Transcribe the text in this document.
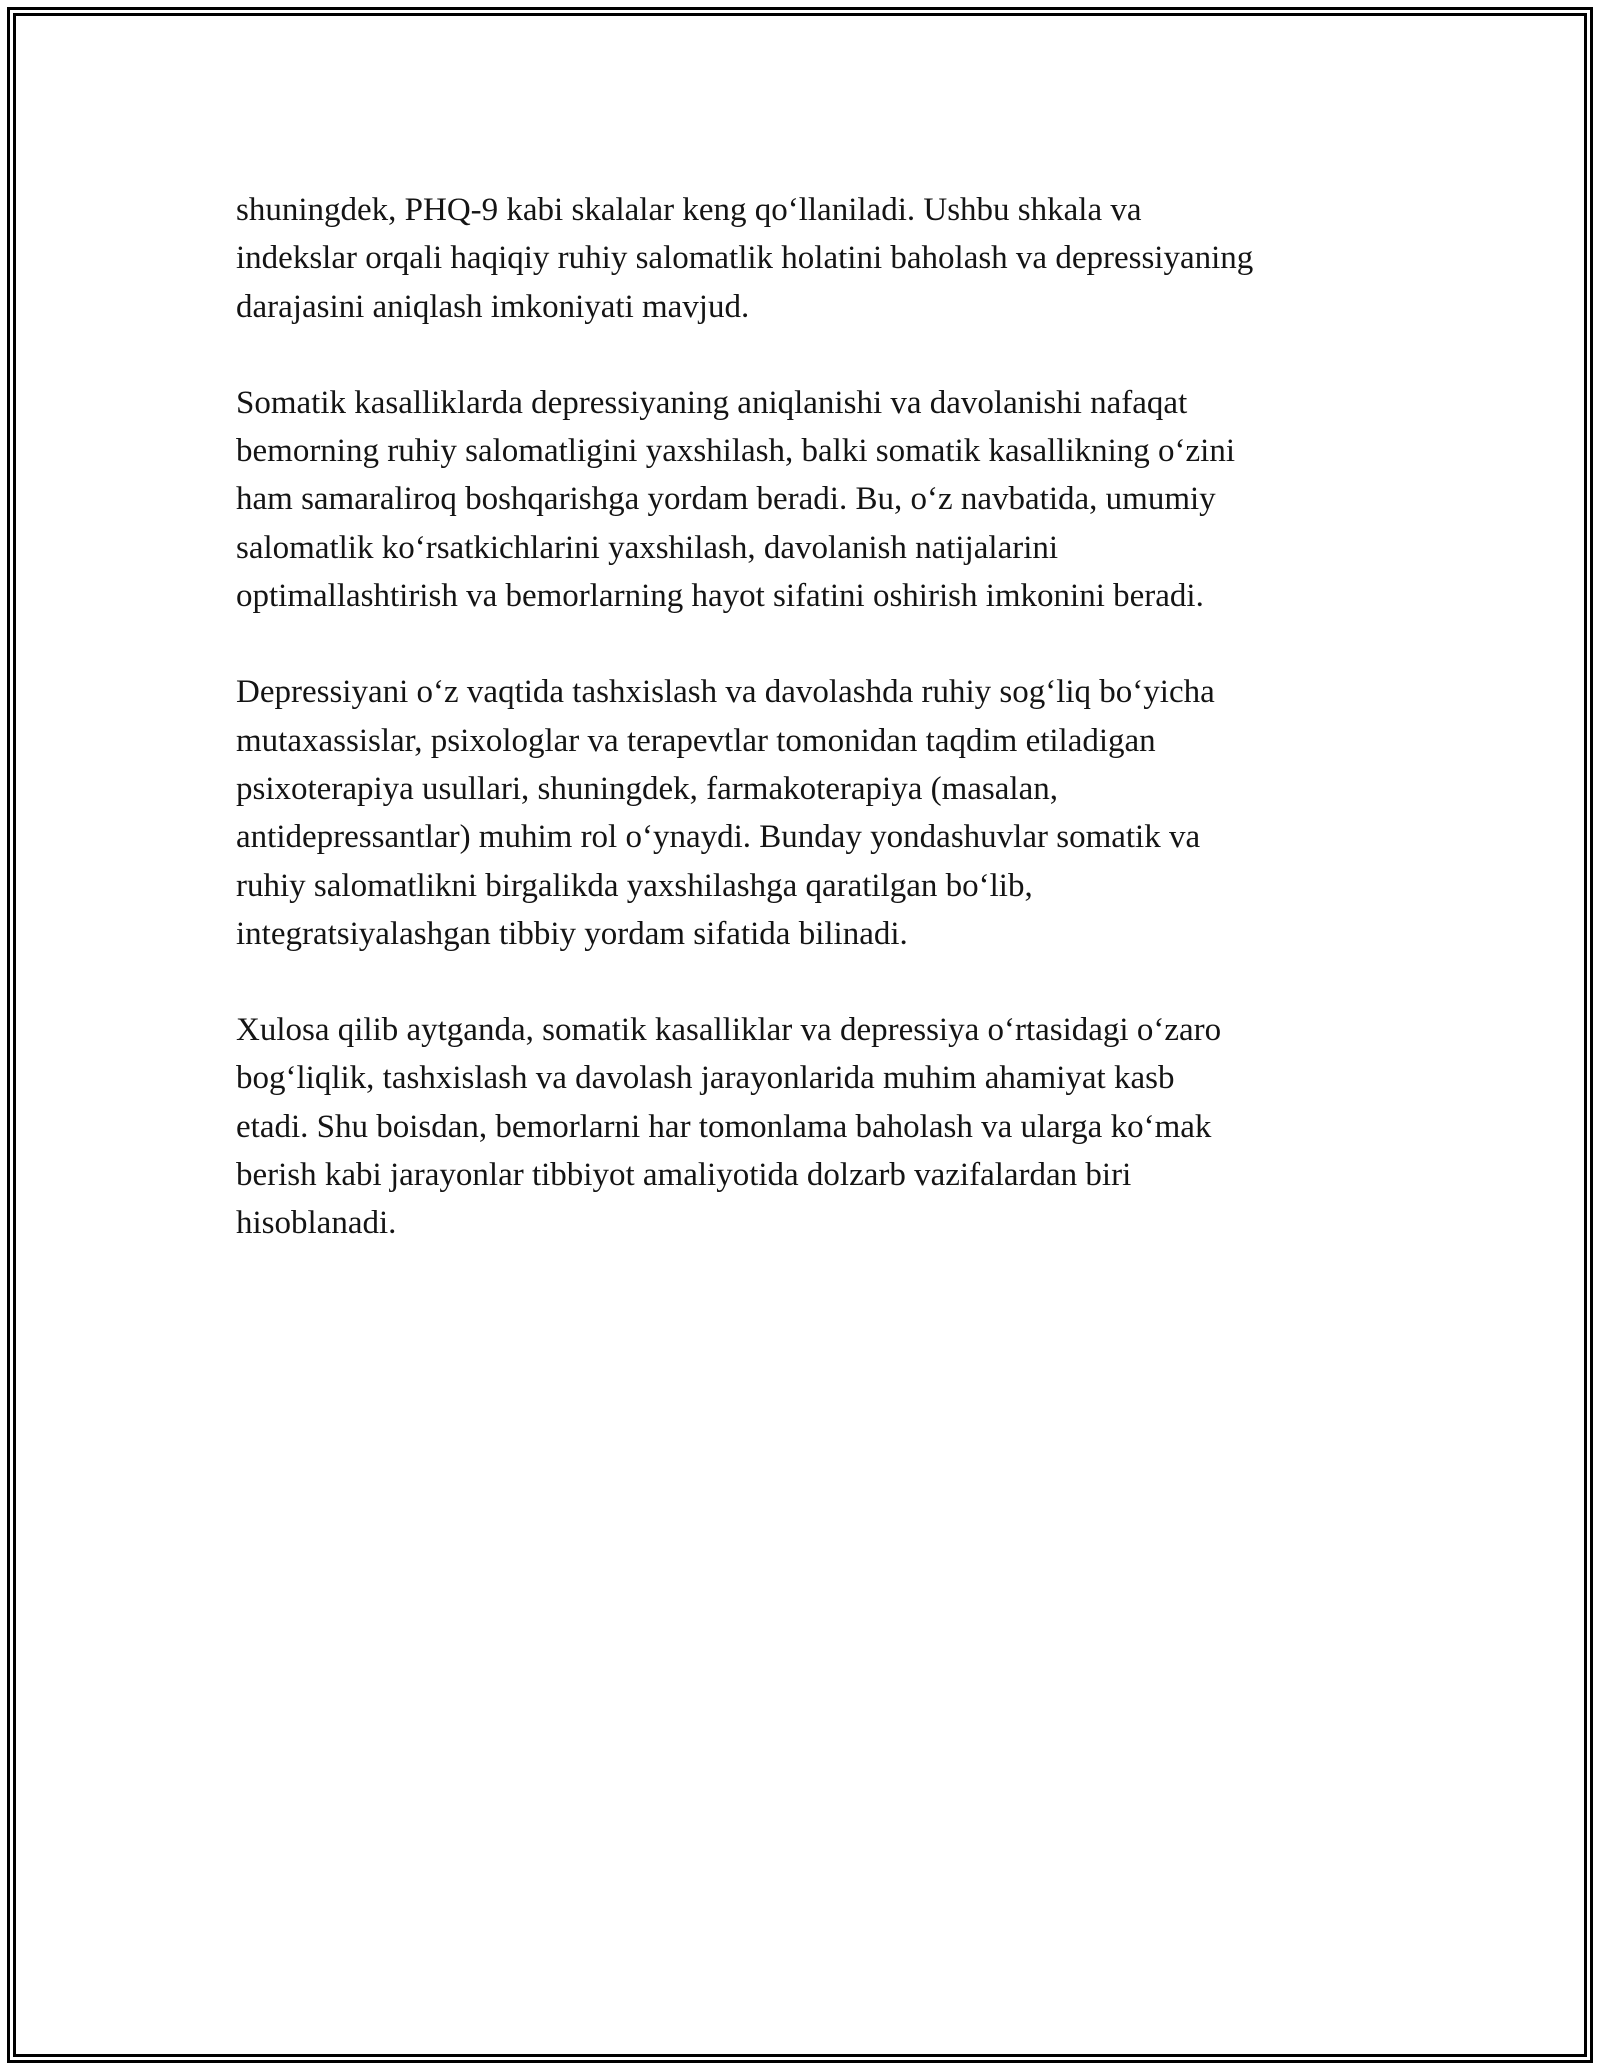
shuningdek, PHQ-9 kabi skalalar keng qo‘llaniladi. Ushbu shkala va
indekslar orqali haqiqiy ruhiy salomatlik holatini baholash va depressiyaning
darajasini aniqlash imkoniyati mavjud.

Somatik kasalliklarda depressiyaning aniqlanishi va davolanishi nafaqat
bemorning ruhiy salomatligini yaxshilash, balki somatik kasallikning o‘zini
ham samaraliroq boshqarishga yordam beradi. Bu, o‘z navbatida, umumiy
salomatlik ko‘rsatkichlarini yaxshilash, davolanish natijalarini
optimallashtirish va bemorlarning hayot sifatini oshirish imkonini beradi.

Depressiyani o‘z vaqtida tashxislash va davolashda ruhiy sog‘liq bo‘yicha
mutaxassislar, psixologlar va terapevtlar tomonidan taqdim etiladigan
psixoterapiya usullari, shuningdek, farmakoterapiya (masalan,
antidepressantlar) muhim rol o‘ynaydi. Bunday yondashuvlar somatik va
ruhiy salomatlikni birgalikda yaxshilashga qaratilgan bo‘lib,
integratsiyalashgan tibbiy yordam sifatida bilinadi.

Xulosa qilib aytganda, somatik kasalliklar va depressiya o‘rtasidagi o‘zaro
bog‘liqlik, tashxislash va davolash jarayonlarida muhim ahamiyat kasb
etadi. Shu boisdan, bemorlarni har tomonlama baholash va ularga ko‘mak
berish kabi jarayonlar tibbiyot amaliyotida dolzarb vazifalardan biri
hisoblanadi.
